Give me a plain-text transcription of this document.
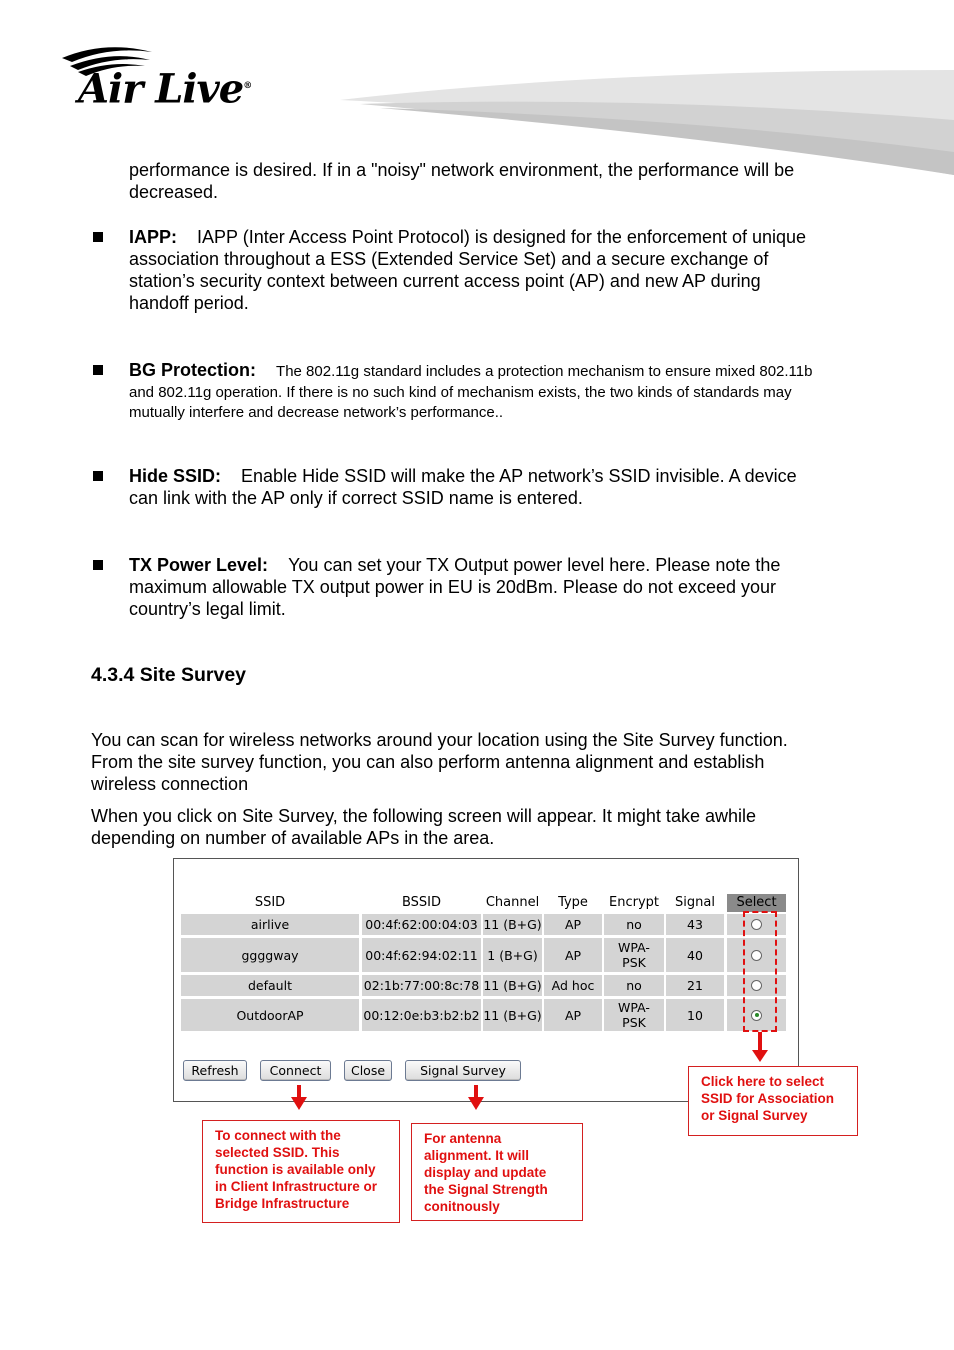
Air Live®
performance is desired. If in a "noisy" network environment, the performance will be decreased.
IAPP: IAPP (Inter Access Point Protocol) is designed for the enforcement of unique
association throughout a ESS (Extended Service Set) and a secure exchange of
station’s security context between current access point (AP) and new AP during
handoff period.
BG Protection: The 802.11g standard includes a protection mechanism to ensure mixed 802.11b
and 802.11g operation. If there is no such kind of mechanism exists, the two kinds of standards may
mutually interfere and decrease network’s performance..
Hide SSID: Enable Hide SSID will make the AP network’s SSID invisible. A device
can link with the AP only if correct SSID name is entered.
TX Power Level: You can set your TX Output power level here. Please note the
maximum allowable TX output power in EU is 20dBm. Please do not exceed your
country’s legal limit.
4.3.4 Site Survey
You can scan for wireless networks around your location using the Site Survey function.
From the site survey function, you can also perform antenna alignment and establish
wireless connection
When you click on Site Survey, the following screen will appear. It might take awhile
depending on number of available APs in the area.
SSID	BSSID	Channel	Type	Encrypt	Signal	Select
airlive	00:4f:62:00:04:03 11 (B+G)	AP	no	43
ggggway	00:4f:62:94:02:11 1 (B+G)	AP	WPA-PSK	40
default	02:1b:77:00:8c:78 11 (B+G) Ad hoc	no	21
OutdoorAP	00:12:0e:b3:b2:b2 11 (B+G)	AP	WPA-PSK	10
Refresh	Connect	Close	Signal Survey
Click here to select
SSID for Association
or Signal Survey
To connect with the
selected SSID. This
function is available only
in Client Infrastructure or
Bridge Infrastructure
For antenna
alignment. It will
display and update
the Signal Strength
conitnously
